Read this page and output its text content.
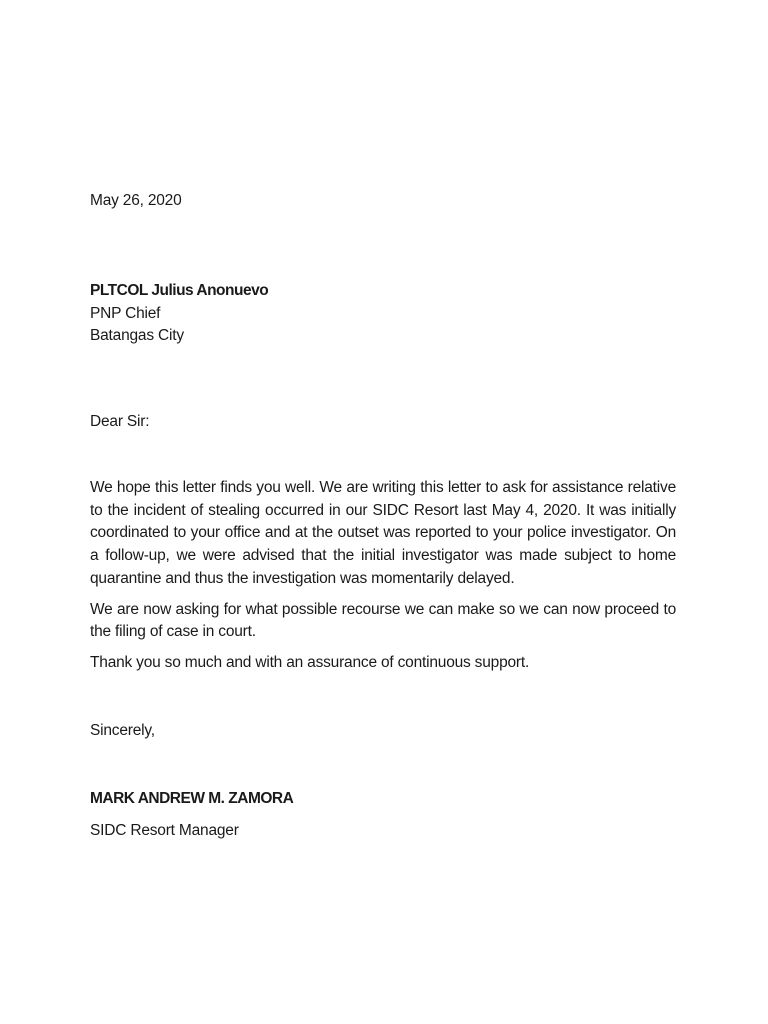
May 26, 2020
PLTCOL Julius Anonuevo
PNP Chief
Batangas City
Dear Sir:

We hope this letter finds you well. We are writing this letter to ask for assistance relative to the incident of stealing occurred in our SIDC Resort last May 4, 2020. It was initially coordinated to your office and at the outset was reported to your police investigator. On a follow-up, we were advised that the initial investigator was made subject to home quarantine and thus the investigation was momentarily delayed.

We are now asking for what possible recourse we can make so we can now proceed to the filing of case in court.

Thank you so much and with an assurance of continuous support.

Sincerely,
MARK ANDREW M. ZAMORA
SIDC Resort Manager
